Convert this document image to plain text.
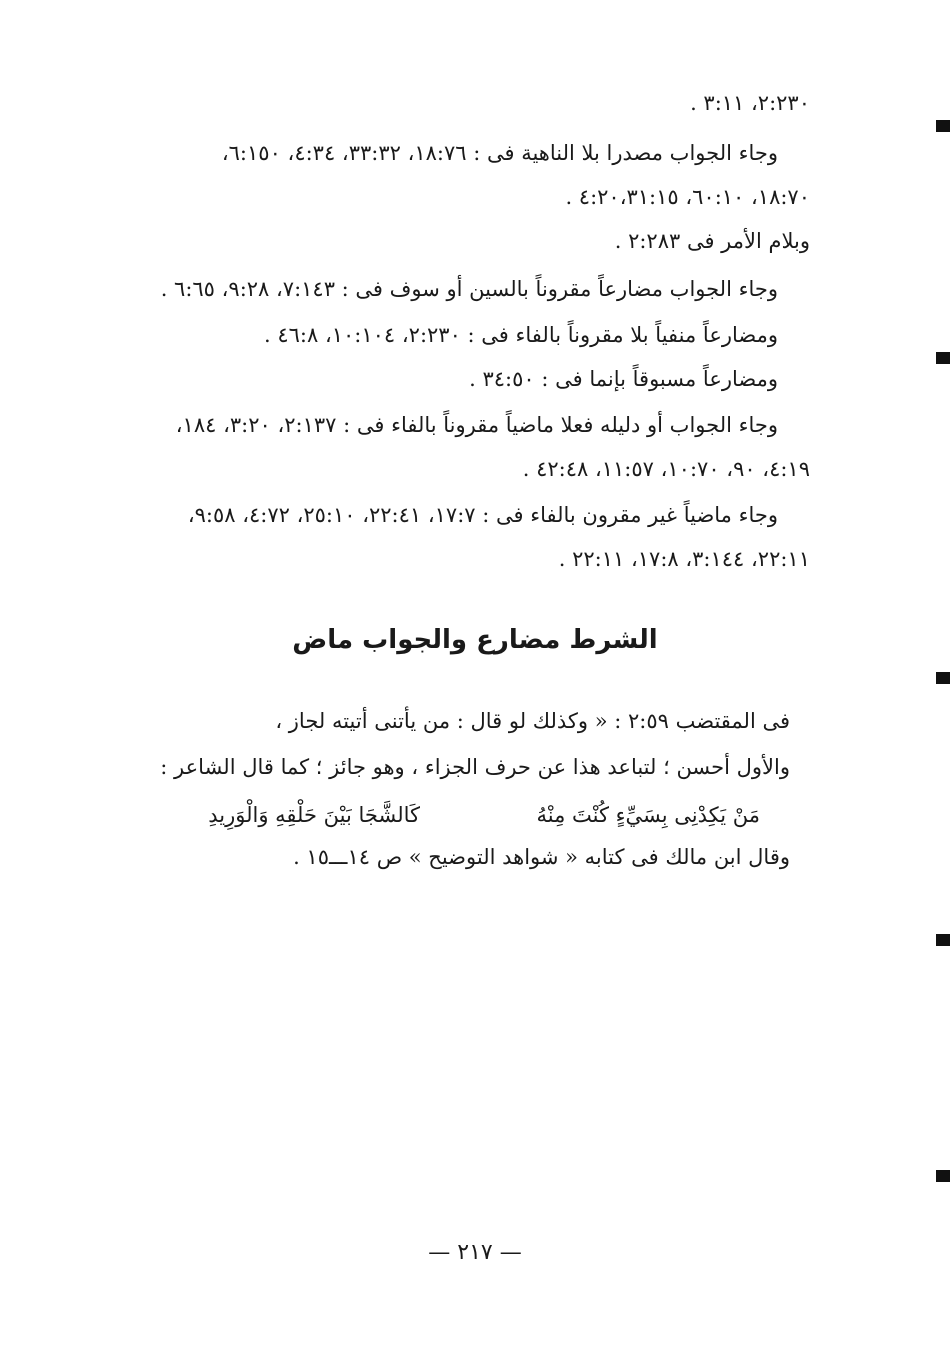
٢:٢٣٠، ٣:١١ .

وجاء الجواب مصدرا بلا الناهية فى : ١٨:٧٦، ٣٣:٣٢، ٤:٣٤، ٦:١٥٠،

١٨:٧٠، ٦٠:١٠، ٤:٢٠،٣١:١٥ .

وبلام الأمر فى ٢:٢٨٣ .

وجاء الجواب مضارعاً مقروناً بالسين أو سوف فى : ٧:١٤٣، ٩:٢٨، ٦:٦٥ .

ومضارعاً منفياً بلا مقروناً بالفاء فى : ٢:٢٣٠، ١٠:١٠٤، ٤٦:٨ .

ومضارعاً مسبوقاً بإنما فى : ٣٤:٥٠ .

وجاء الجواب أو دليله فعلا ماضياً مقروناً بالفاء فى : ٢:١٣٧، ٣:٢٠، ١٨٤،

٤:١٩، ٩٠، ١٠:٧٠، ١١:٥٧، ٤٢:٤٨ .

وجاء ماضياً غير مقرون بالفاء فى : ١٧:٧، ٢٢:٤١، ٢٥:١٠، ٤:٧٢، ٩:٥٨،

٢٢:١١، ٣:١٤٤، ١٧:٨، ٢٢:١١ .

الشرط مضارع والجواب ماض

فى المقتضب ٢:٥٩ : « وكذلك لو قال : من يأتنى أتيته لجاز ،

والأول أحسن ؛ لتباعد هذا عن حرف الجزاء ، وهو جائز ؛ كما قال الشاعر :

مَنْ يَكِدْنِى بِسَيِّءٍ كُنْتَ مِنْهُ
كَالشَّجَا بَيْنَ حَلْقِهِ وَالْوَرِيدِ

وقال ابن مالك فى كتابه « شواهد التوضيح » ص ١٤ـــ١٥ .

— ٢١٧ —
